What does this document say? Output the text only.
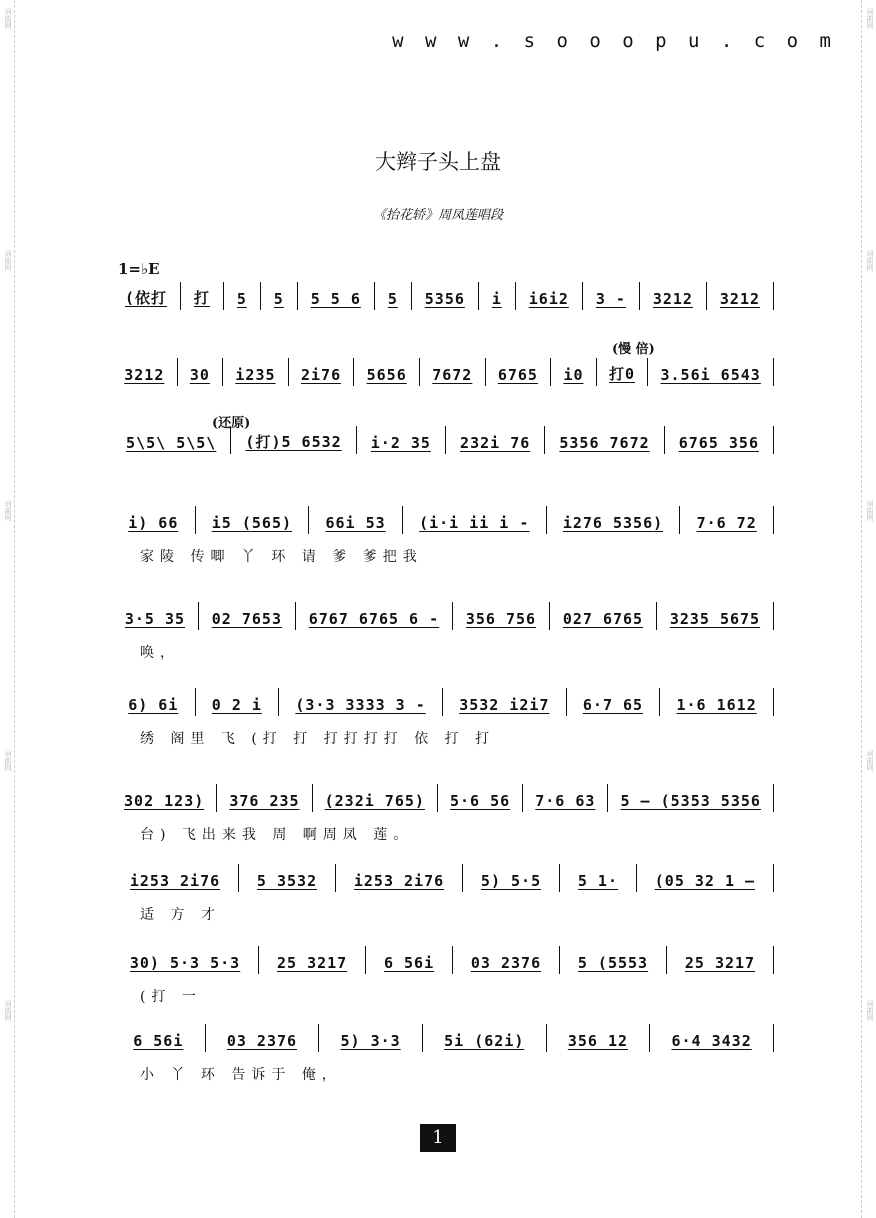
词曲网
词曲网
词曲网
词曲网
词曲网
词曲网
词曲网
词曲网
词曲网
词曲网
w w w . s o o o p u . c o m
大辫子头上盘
《抬花轿》周凤莲唱段
1=♭E
(慢 倍)
(还原)
(依打	打	5	5	5 5 6	5	5356	i	i6i2	3 -	3212	3212
3212	30	i235	2i76	5656	7672	6765	i0	打0	3.56i 6543
5\5\ 5\5\	(打)5 6532	i·2 35	232i 76	5356 7672	6765 356
i) 66	i5 (565)	66i 53	(i·i ii i -	i276 5356)	7·6 72
家陵 传唧 丫 环 请 爹 爹把我
3·5 35	02 7653	6767 6765 6 -	356 756	027 6765	3235 5675
唤，
6) 6i	0 2 i	(3·3 3333 3 -	3532 i2i7	6·7 65	1·6 1612
绣 阁里 飞 (打 打 打打打打 依 打 打
302 123)	376 235	(232i 765)	5·6 56	7·6 63	5 — (5353 5356
台) 飞出来我 周 啊周凤 莲。
i253 2i76	5 3532	i253 2i76	5) 5·5	5 1·	(05 32 1 —
适 方 才
30) 5·3 5·3	25 3217	6 56i	03 2376	5 (5553	25 3217
(打 一
6 56i	03 2376	5) 3·3	5i (62i)	356 12	6·4 3432
小 丫 环 告诉于 俺，
1
